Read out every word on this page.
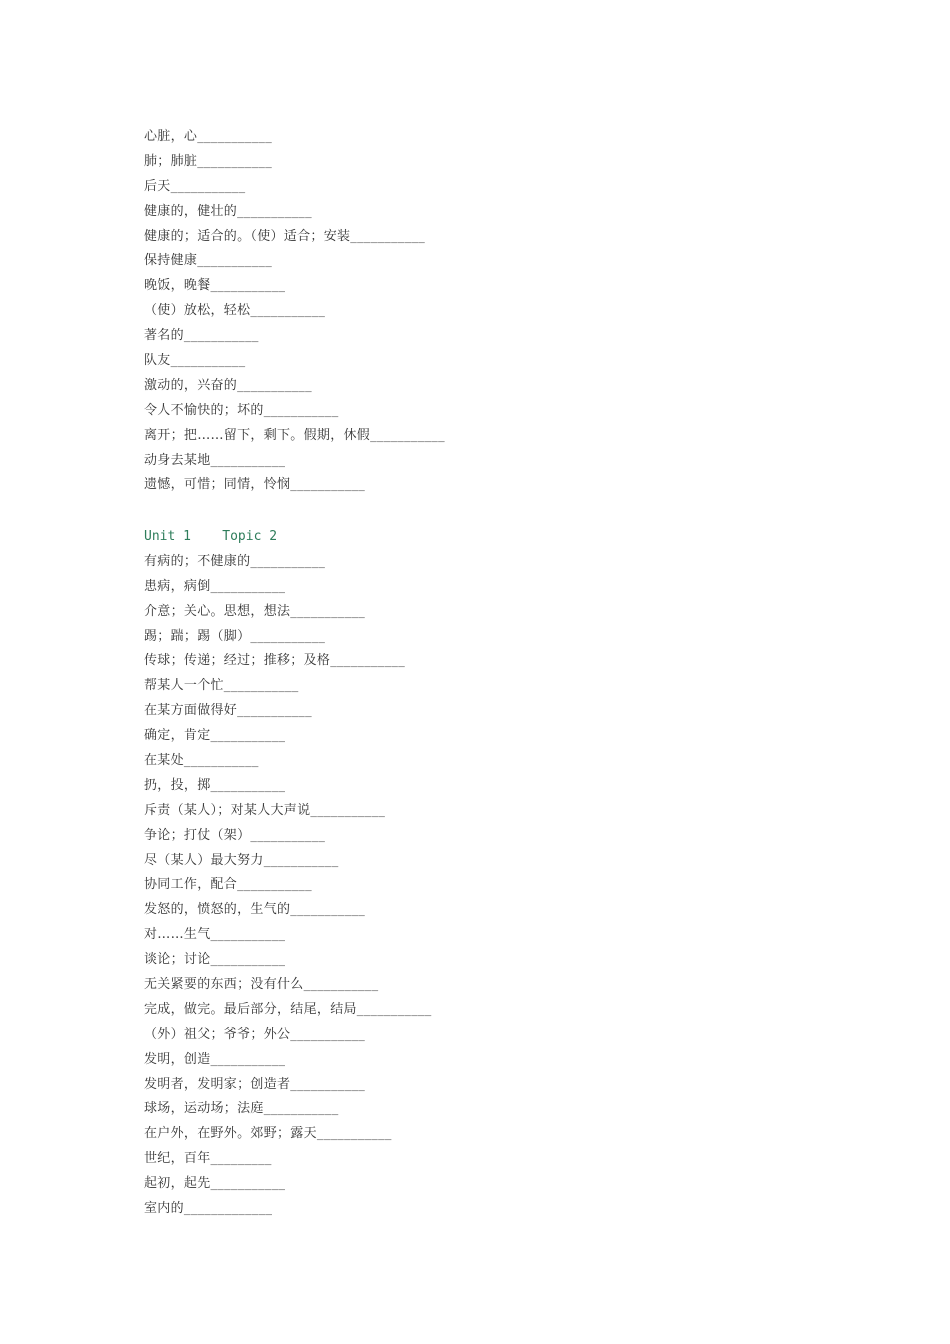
心脏，心___________
肺；肺脏___________
后天___________
健康的，健壮的___________
健康的；适合的。（使）适合；安装___________
保持健康___________
晚饭，晚餐___________
（使）放松，轻松___________
著名的___________
队友___________
激动的，兴奋的___________
令人不愉快的；坏的___________
离开；把……留下，剩下。假期，休假___________
动身去某地___________
遗憾，可惜；同情，怜悯___________
Unit 1    Topic 2
有病的；不健康的___________
患病，病倒___________
介意；关心。思想，想法___________
踢；踹；踢（脚）___________
传球；传递；经过；推移；及格___________
帮某人一个忙___________
在某方面做得好___________
确定，肯定___________
在某处___________
扔，投，掷___________
斥责（某人）；对某人大声说___________
争论；打仗（架）___________
尽（某人）最大努力___________
协同工作，配合___________
发怒的，愤怒的，生气的___________
对……生气___________
谈论；讨论___________
无关紧要的东西；没有什么___________
完成，做完。最后部分，结尾，结局___________
（外）祖父；爷爷；外公___________
发明，创造___________
发明者，发明家；创造者___________
球场，运动场；法庭___________
在户外，在野外。郊野；露天___________
世纪，百年_________
起初，起先___________
室内的_____________
